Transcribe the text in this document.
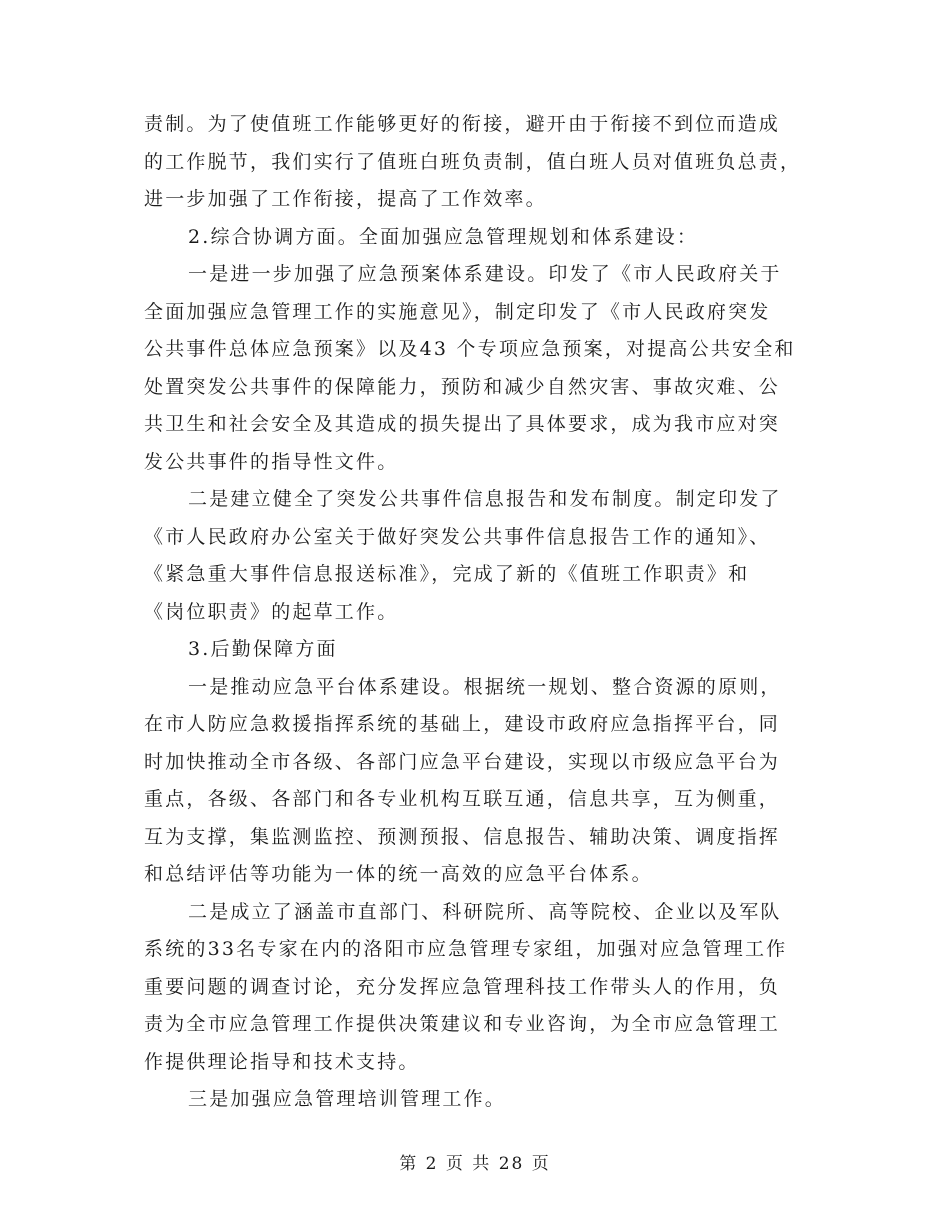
责制。为了使值班工作能够更好的衔接，避开由于衔接不到位而造成
的工作脱节，我们实行了值班白班负责制，值白班人员对值班负总责，
进一步加强了工作衔接，提高了工作效率。
2.综合协调方面。全面加强应急管理规划和体系建设：
一是进一步加强了应急预案体系建设。印发了《市人民政府关于
全面加强应急管理工作的实施意见》，制定印发了《市人民政府突发
公共事件总体应急预案》以及43 个专项应急预案，对提高公共安全和
处置突发公共事件的保障能力，预防和减少自然灾害、事故灾难、公
共卫生和社会安全及其造成的损失提出了具体要求，成为我市应对突
发公共事件的指导性文件。
二是建立健全了突发公共事件信息报告和发布制度。制定印发了
《市人民政府办公室关于做好突发公共事件信息报告工作的通知》、
《紧急重大事件信息报送标准》，完成了新的《值班工作职责》和
《岗位职责》的起草工作。
3.后勤保障方面
一是推动应急平台体系建设。根据统一规划、整合资源的原则，
在市人防应急救援指挥系统的基础上，建设市政府应急指挥平台，同
时加快推动全市各级、各部门应急平台建设，实现以市级应急平台为
重点，各级、各部门和各专业机构互联互通，信息共享，互为侧重，
互为支撑，集监测监控、预测预报、信息报告、辅助决策、调度指挥
和总结评估等功能为一体的统一高效的应急平台体系。
二是成立了涵盖市直部门、科研院所、高等院校、企业以及军队
系统的33名专家在内的洛阳市应急管理专家组，加强对应急管理工作
重要问题的调查讨论，充分发挥应急管理科技工作带头人的作用，负
责为全市应急管理工作提供决策建议和专业咨询，为全市应急管理工
作提供理论指导和技术支持。
三是加强应急管理培训管理工作。
第 2 页 共 28 页
